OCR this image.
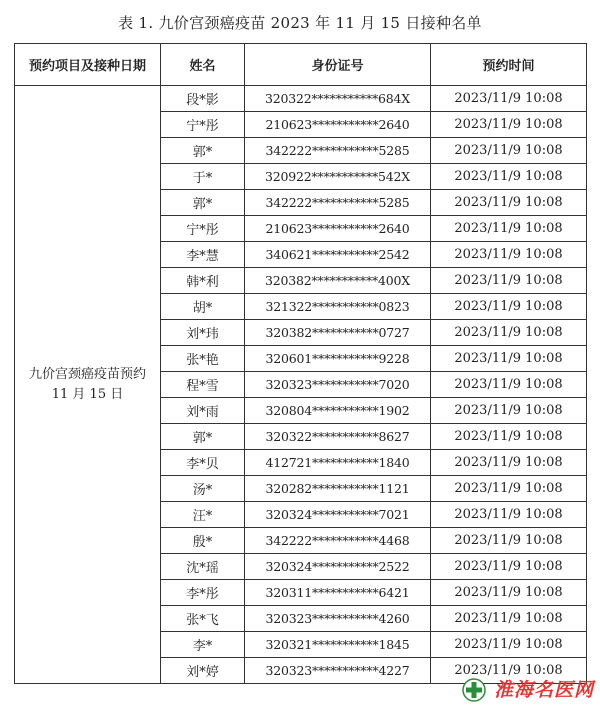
表 1. 九价宫颈癌疫苗 2023 年 11 月 15 日接种名单
预约项目及接种日期	姓名	身份证号	预约时间

九价宫颈癌疫苗预约
11 月 15 日	段*影	320322***********684X	2023/11/9 10:08
	宁*彤	210623***********2640	2023/11/9 10:08
	郭*	342222***********5285	2023/11/9 10:08
	于*	320922***********542X	2023/11/9 10:08
	郭*	342222***********5285	2023/11/9 10:08
	宁*彤	210623***********2640	2023/11/9 10:08
	李*慧	340621***********2542	2023/11/9 10:08
	韩*利	320382***********400X	2023/11/9 10:08
	胡*	321322***********0823	2023/11/9 10:08
	刘*玮	320382***********0727	2023/11/9 10:08
	张*艳	320601***********9228	2023/11/9 10:08
	程*雪	320323***********7020	2023/11/9 10:08
	刘*雨	320804***********1902	2023/11/9 10:08
	郭*	320322***********8627	2023/11/9 10:08
	李*贝	412721***********1840	2023/11/9 10:08
	汤*	320282***********1121	2023/11/9 10:08
	汪*	320324***********7021	2023/11/9 10:08
	殷*	342222***********4468	2023/11/9 10:08
	沈*瑶	320324***********2522	2023/11/9 10:08
	李*彤	320311***********6421	2023/11/9 10:08
	张*飞	320323***********4260	2023/11/9 10:08
	李*	320321***********1845	2023/11/9 10:08
	刘*婷	320323***********4227	2023/11/9 10:08
淮海名医网
